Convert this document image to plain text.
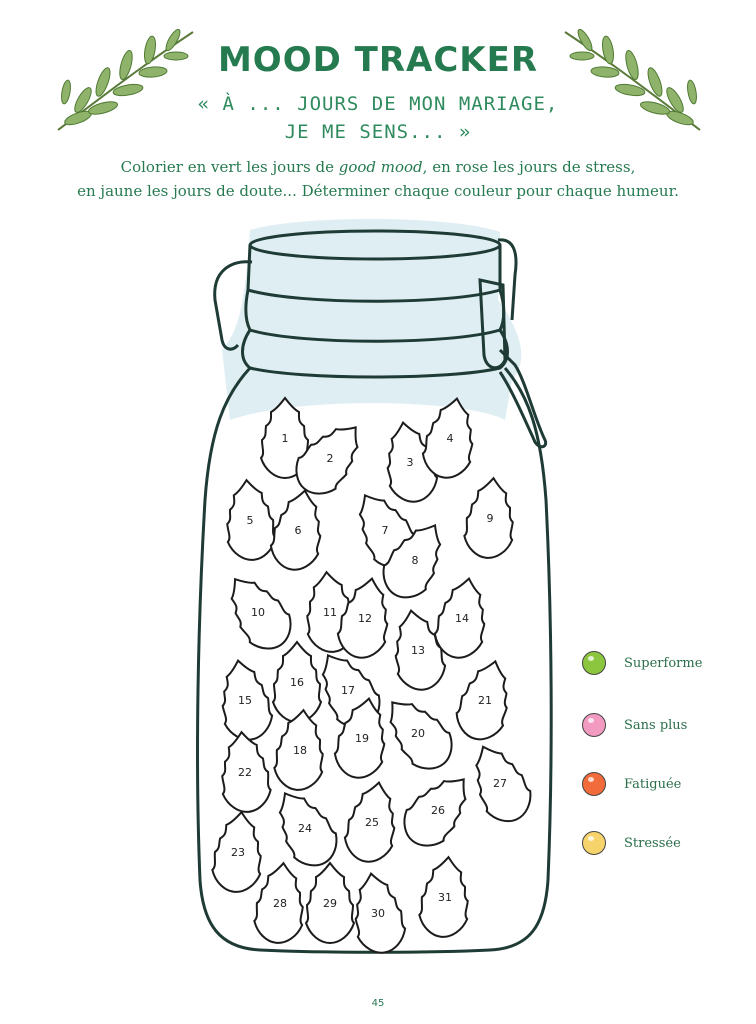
MOOD TRACKER
« À ... JOURS DE MON MARIAGE,
JE ME SENS... »
Colorier en vert les jours de good mood, en rose les jours de stress,
en jaune les jours de doute... Déterminer chaque couleur pour chaque humeur.
1
2	3
4
5
6	7
8
9
10	11 12
13
14
15
16
17
18
19	20
21
22
23
24	25
26
27
28	29
30
31
Superforme
Sans plus
Fatiguée
Stressée
45
